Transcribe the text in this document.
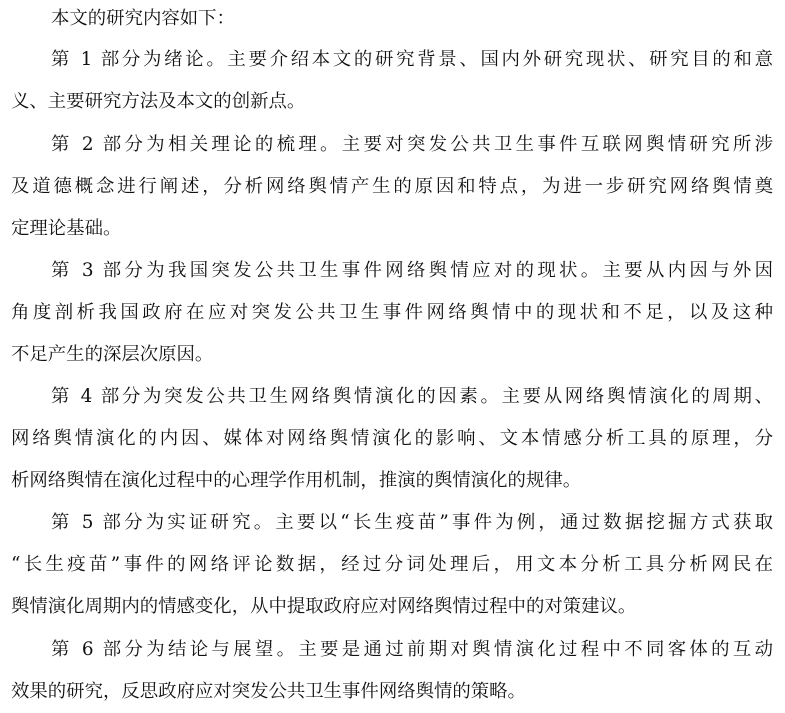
本文的研究内容如下：
第 1 部分为绪论。主要介绍本文的研究背景、国内外研究现状、研究目的和意
义、主要研究方法及本文的创新点。
第 2 部分为相关理论的梳理。主要对突发公共卫生事件互联网舆情研究所涉
及道德概念进行阐述，分析网络舆情产生的原因和特点，为进一步研究网络舆情奠
定理论基础。
第 3 部分为我国突发公共卫生事件网络舆情应对的现状。主要从内因与外因
角度剖析我国政府在应对突发公共卫生事件网络舆情中的现状和不足，以及这种
不足产生的深层次原因。
第 4 部分为突发公共卫生网络舆情演化的因素。主要从网络舆情演化的周期、
网络舆情演化的内因、媒体对网络舆情演化的影响、文本情感分析工具的原理，分
析网络舆情在演化过程中的心理学作用机制，推演的舆情演化的规律。
第 5 部分为实证研究。主要以“长生疫苗”事件为例，通过数据挖掘方式获取
“长生疫苗”事件的网络评论数据，经过分词处理后，用文本分析工具分析网民在
舆情演化周期内的情感变化，从中提取政府应对网络舆情过程中的对策建议。
第 6 部分为结论与展望。主要是通过前期对舆情演化过程中不同客体的互动
效果的研究，反思政府应对突发公共卫生事件网络舆情的策略。
